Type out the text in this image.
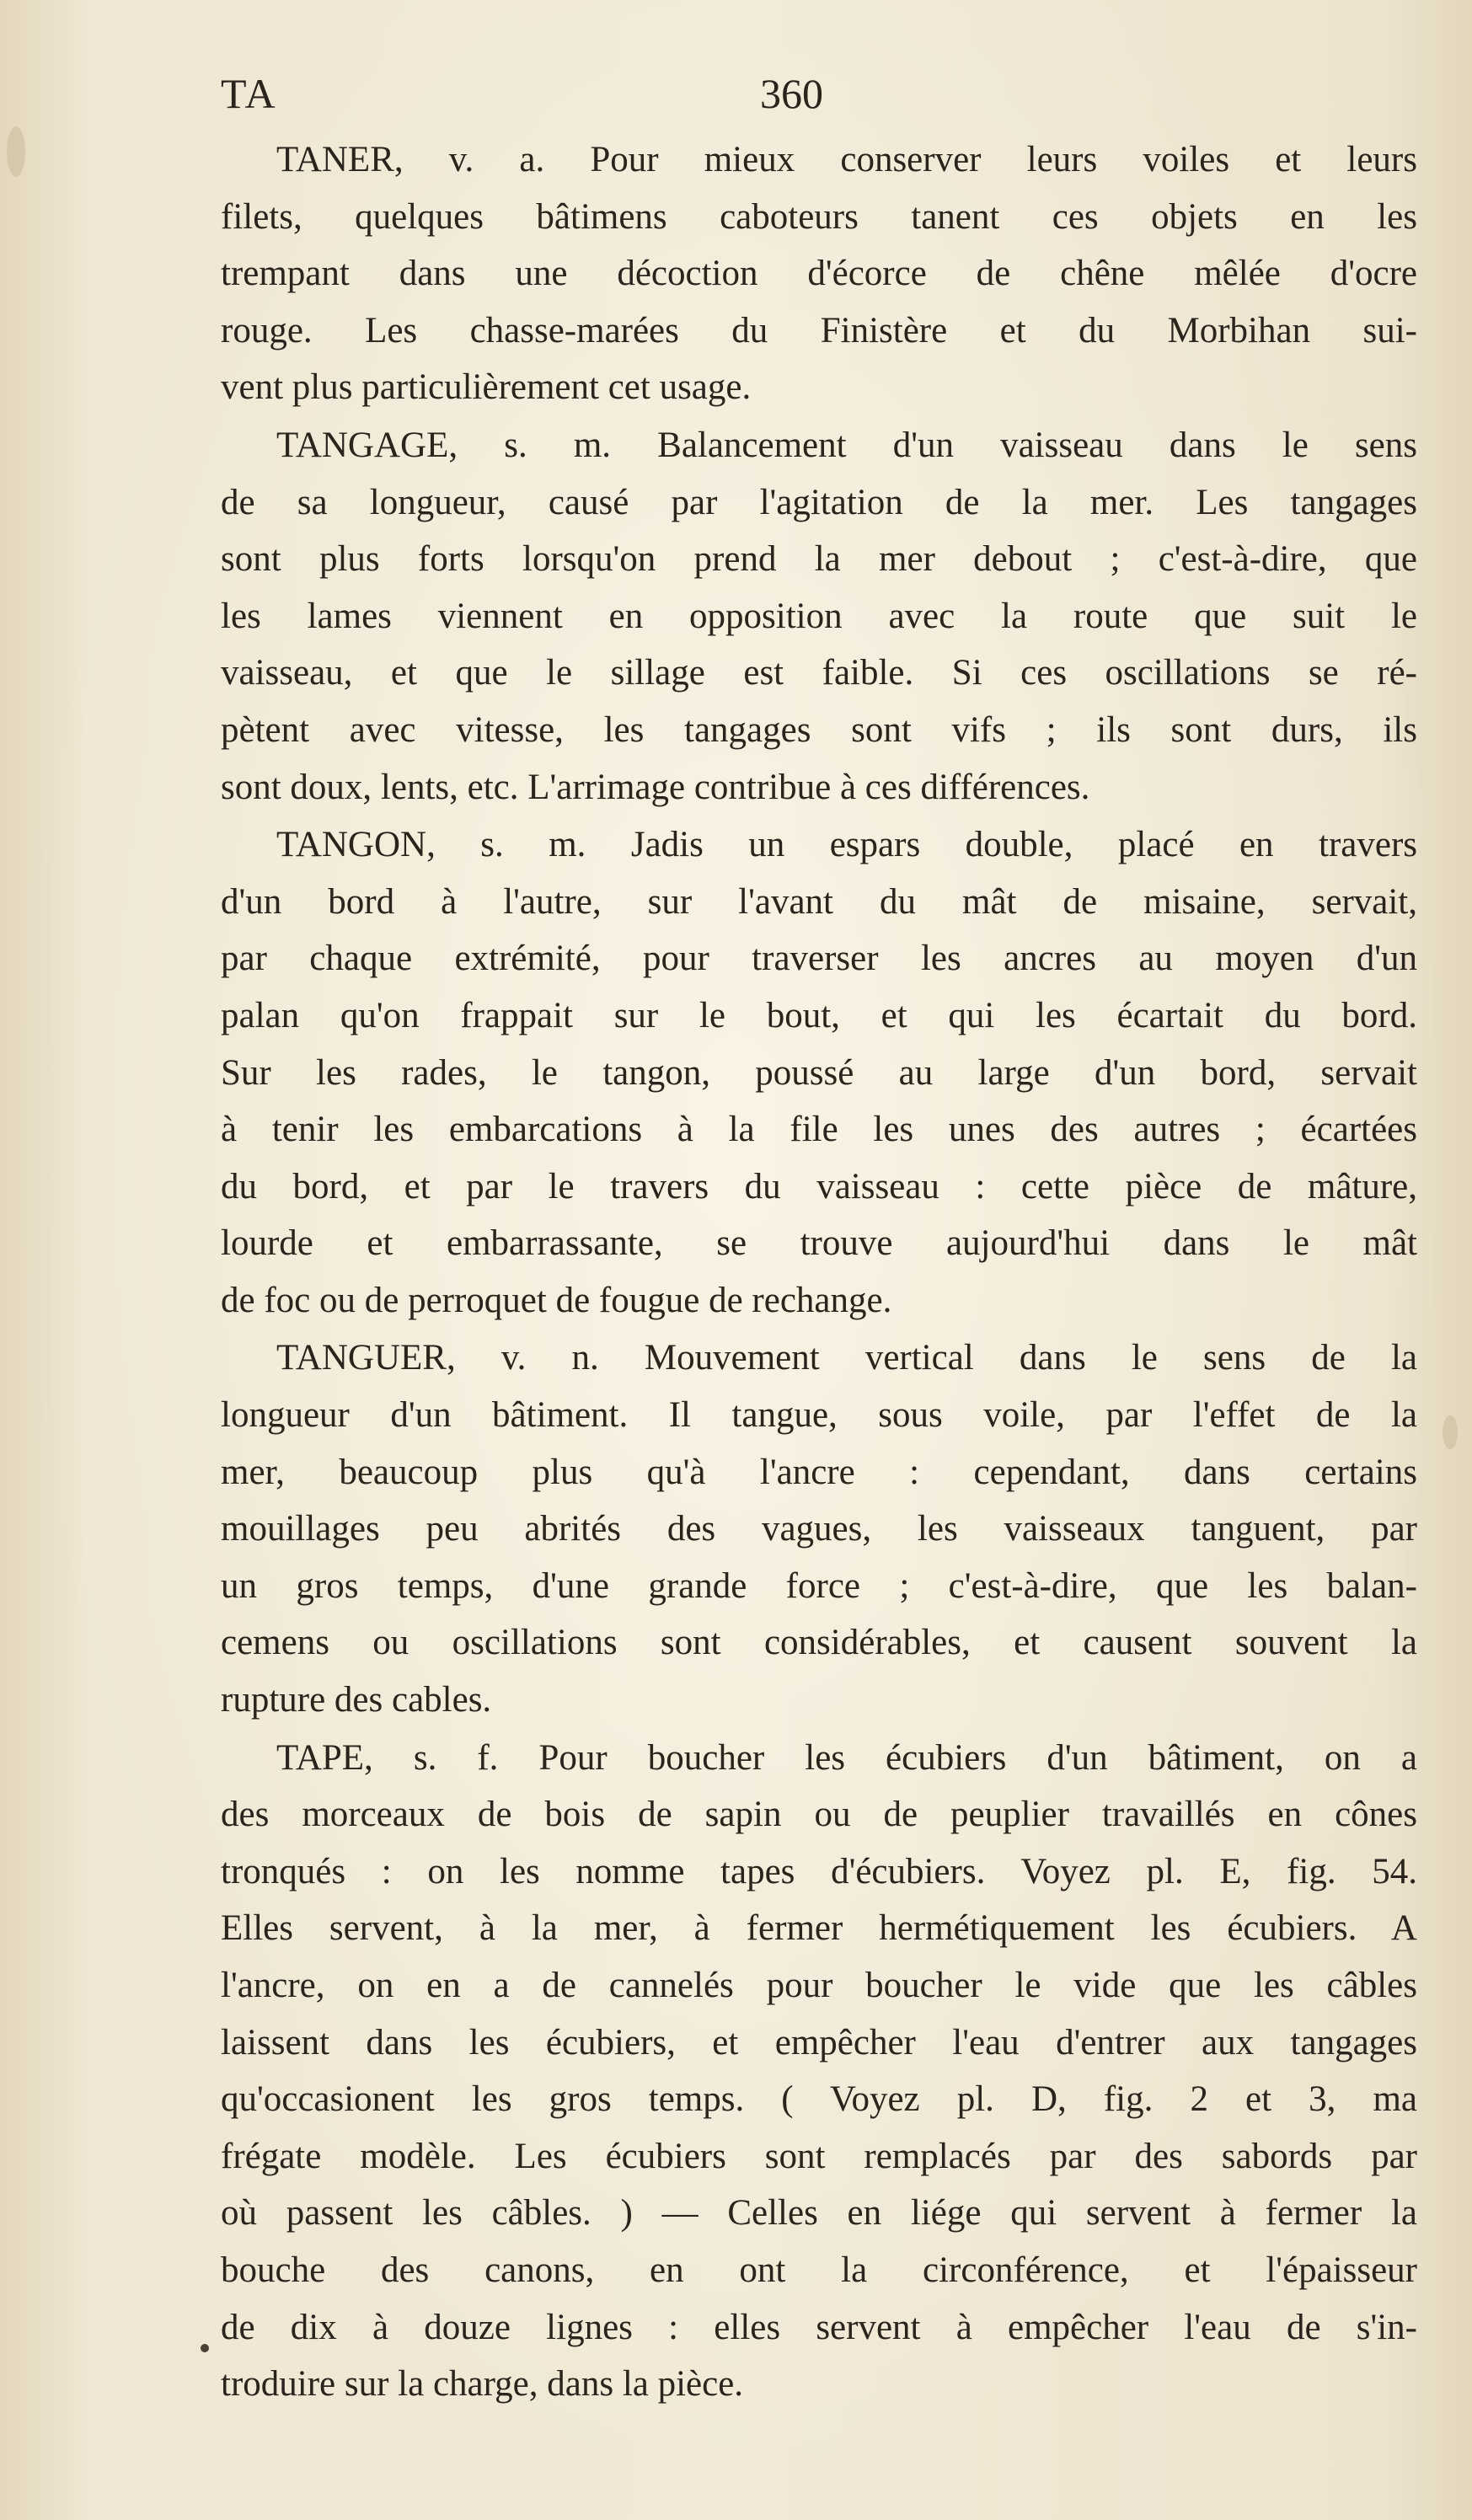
TA	360
TANER, v. a. Pour mieux conserver leurs voiles et leurs
filets, quelques bâtimens caboteurs tanent ces objets en les
trempant dans une décoction d'écorce de chêne mêlée d'ocre
rouge. Les chasse-marées du Finistère et du Morbihan sui-
vent plus particulièrement cet usage.
TANGAGE, s. m. Balancement d'un vaisseau dans le sens
de sa longueur, causé par l'agitation de la mer. Les tangages
sont plus forts lorsqu'on prend la mer debout ; c'est-à-dire, que
les lames viennent en opposition avec la route que suit le
vaisseau, et que le sillage est faible. Si ces oscillations se ré-
pètent avec vitesse, les tangages sont vifs ; ils sont durs, ils
sont doux, lents, etc. L'arrimage contribue à ces différences.
TANGON, s. m. Jadis un espars double, placé en travers
d'un bord à l'autre, sur l'avant du mât de misaine, servait,
par chaque extrémité, pour traverser les ancres au moyen d'un
palan qu'on frappait sur le bout, et qui les écartait du bord.
Sur les rades, le tangon, poussé au large d'un bord, servait
à tenir les embarcations à la file les unes des autres ; écartées
du bord, et par le travers du vaisseau : cette pièce de mâture,
lourde et embarrassante, se trouve aujourd'hui dans le mât
de foc ou de perroquet de fougue de rechange.
TANGUER, v. n. Mouvement vertical dans le sens de la
longueur d'un bâtiment. Il tangue, sous voile, par l'effet de la
mer, beaucoup plus qu'à l'ancre : cependant, dans certains
mouillages peu abrités des vagues, les vaisseaux tanguent, par
un gros temps, d'une grande force ; c'est-à-dire, que les balan-
cemens ou oscillations sont considérables, et causent souvent la
rupture des cables.
TAPE, s. f. Pour boucher les écubiers d'un bâtiment, on a
des morceaux de bois de sapin ou de peuplier travaillés en cônes
tronqués : on les nomme tapes d'écubiers. Voyez pl. E, fig. 54.
Elles servent, à la mer, à fermer hermétiquement les écubiers. A
l'ancre, on en a de cannelés pour boucher le vide que les câbles
laissent dans les écubiers, et empêcher l'eau d'entrer aux tangages
qu'occasionent les gros temps. ( Voyez pl. D, fig. 2 et 3, ma
frégate modèle. Les écubiers sont remplacés par des sabords par
où passent les câbles. ) — Celles en liége qui servent à fermer la
bouche des canons, en ont la circonférence, et l'épaisseur
de dix à douze lignes : elles servent à empêcher l'eau de s'in-
troduire sur la charge, dans la pièce.
